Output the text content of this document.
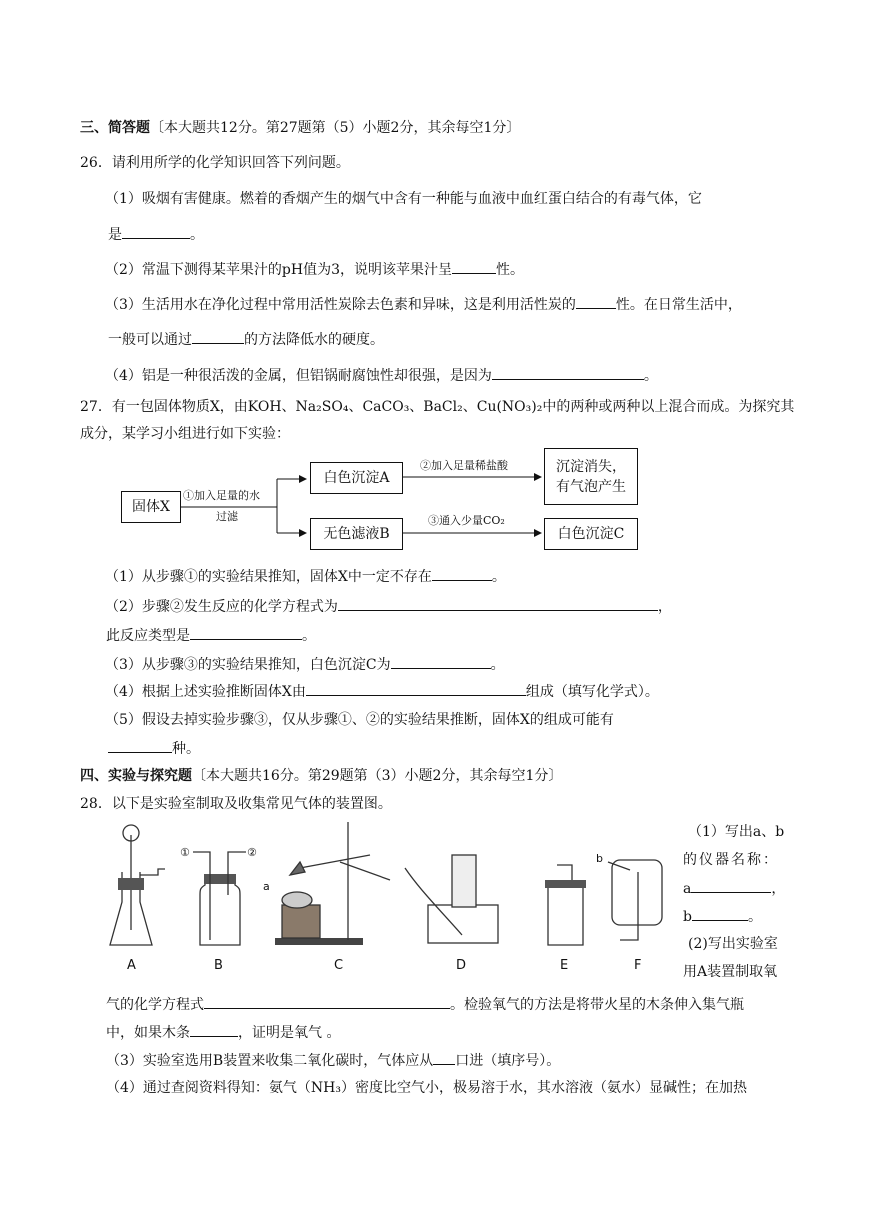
三、简答题〔本大题共12分。第27题第（5）小题2分，其余每空1分〕
26．请利用所学的化学知识回答下列问题。
（1）吸烟有害健康。燃着的香烟产生的烟气中含有一种能与血液中血红蛋白结合的有毒气体，它
是	。
（2）常温下测得某苹果汁的pH值为3，说明该苹果汁呈	性。
（3）生活用水在净化过程中常用活性炭除去色素和异味，这是利用活性炭的	性。在日常生活中，
一般可以通过	的方法降低水的硬度。
（4）铝是一种很活泼的金属，但铝锅耐腐蚀性却很强，是因为	。
27．有一包固体物质X，由KOH、Na₂SO₄、CaCO₃、BaCl₂、Cu(NO₃)₂中的两种或两种以上混合而成。为探究其
成分，某学习小组进行如下实验：
固体X
①加入足量的水
过滤
白色沉淀A
无色滤液B
②加入足量稀盐酸
③通入少量CO₂
沉淀消失，
有气泡产生
白色沉淀C
（1）从步骤①的实验结果推知，固体X中一定不存在	。
（2）步骤②发生反应的化学方程式为	，
此反应类型是	。
（3）从步骤③的实验结果推知，白色沉淀C为	。
（4）根据上述实验推断固体X由	组成（填写化学式）。
（5）假设去掉实验步骤③，仅从步骤①、②的实验结果推断，固体X的组成可能有
种。
四、实验与探究题〔本大题共16分。第29题第（3）小题2分，其余每空1分〕
28．以下是实验室制取及收集常见气体的装置图。
A	B	C	D	E	F
①	②
a
b
（1）写出a、b
的仪器名称：
a	，
b	。
(2)写出实验室
用A装置制取氧
气的化学方程式	。检验氧气的方法是将带火星的木条伸入集气瓶
中，如果木条	，证明是氧气 。
（3）实验室选用B装置来收集二氧化碳时，气体应从 口进（填序号）。
（4）通过查阅资料得知：氨气（NH₃）密度比空气小，极易溶于水，其水溶液（氨水）显碱性；在加热
